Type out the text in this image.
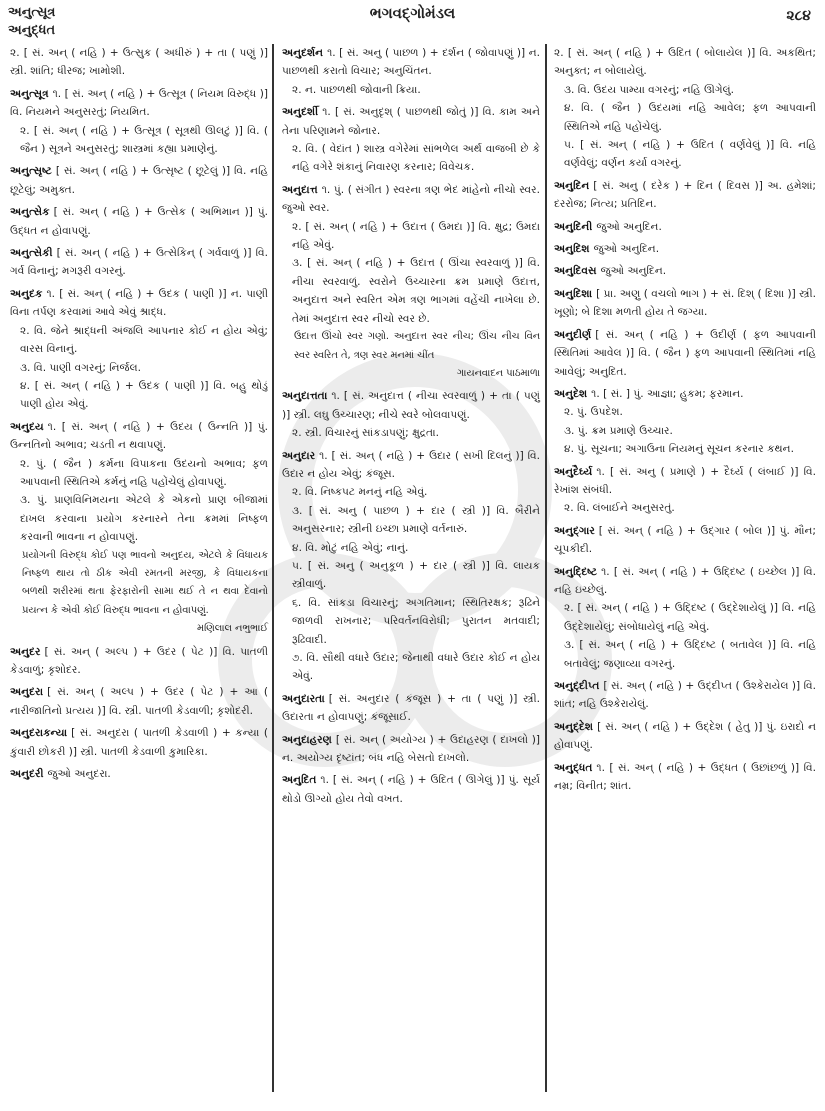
અનુત્સૂત્ર
અનુદ્ધત
ભગવદ્ગોમંડલ	૨૮૪
૨. [ સં. અન્ ( નહિ ) + ઉત્સુક ( અધીરું ) + તા ( પણું )] સ્ત્રી. શાંતિ; ધીરજ; ખામોશી.
અનુત્સૂત્ર ૧. [ સં. અન્ ( નહિ ) + ઉત્સૂત્ર ( નિયમ વિરુદ્ધ )] વિ. નિયમને અનુસરતું; નિયમિત.
૨. [ સં. અન્ ( નહિ ) + ઉત્સૂત્ર ( સૂત્રથી ઊલટું )] વિ. ( જૈન ) સૂત્રને અનુસરતું; શાસ્ત્રમાં કહ્યા પ્રમાણેનું.
અનુત્સૃષ્ટ [ સં. અન્ ( નહિ ) + ઉત્સૃષ્ટ ( છૂટેલું )] વિ. નહિ છૂટેલું; અમુક્ત.
અનુત્સેક [ સં. અન્ ( નહિ ) + ઉત્સેક ( અભિમાન )] પું. ઉદ્ધત ન હોવાપણું.
અનુત્સેકી [ સં. અન્ ( નહિ ) + ઉત્સેકિન્ ( ગર્વવાળું )] વિ. ગર્વ વિનાનું; મગરૂરી વગરનું.
અનુદક ૧. [ સં. અન્ ( નહિ ) + ઉદક ( પાણી )] ન. પાણી વિના તર્પણ કરવામાં આવે એવું શ્રાદ્ધ.
૨. વિ. જેને શ્રાદ્ધની અંજલિ આપનાર કોઈ ન હોય એવું; વારસ વિનાનું.
૩. વિ. પાણી વગરનું; નિર્જલ.
૪. [ સં. અન્ ( નહિ ) + ઉદક ( પાણી )] વિ. બહુ થોડું પાણી હોય એવું.
અનુદય ૧. [ સં. અન્ ( નહિ ) + ઉદય ( ઉન્નતિ )] પું. ઉન્નતિનો અભાવ; ચડતી ન થવાપણું.
૨. પું. ( જૈન ) કર્મના વિપાકના ઉદયનો અભાવ; ફળ આપવાની સ્થિતિએ કર્મનું નહિ પહોંચેલું હોવાપણું.
૩. પું. પ્રાણવિનિમયના એટલે કે એકનો પ્રાણ બીજામાં દાખલ કરવાના પ્રયોગ કરનારને તેના ક્રમમાં નિષ્ફળ કરવાની ભાવના ન હોવાપણું.
પ્રયોગની વિરુદ્ધ કોઈ પણ ભાવનો અનુદય, એટલે કે વિધાયક નિષ્ફળ થાય તો ઠીક એવી રમતની મરજી, કે વિધાયકના બળથી શરીરમાં થતા ફેરફારોની સામા થઈ તે ન થવા દેવાનો પ્રયત્ન કે એવી કોઈ વિરુદ્ધ ભાવના ન હોવાપણું.
મણિલાલ નભુભાઈ
અનુદર [ સં. અન્ ( અલ્પ ) + ઉદર ( પેટ )] વિ. પાતળી કેડવાળું; કૃશોદર.
અનુદરા [ સં. અન્ ( અલ્પ ) + ઉદર ( પેટ ) + આ ( નારીજાતિનો પ્રત્યય )] વિ. સ્ત્રી. પાતળી કેડવાળી; કૃશોદરી.
અનુદરાકન્યા [ સં. અનુદરા ( પાતળી કેડવાળી ) + કન્યા ( કુંવારી છોકરી )] સ્ત્રી. પાતળી કેડવાળી કુમારિકા.
અનુદરી જુઓ અનુદરા.
અનુદર્શન ૧. [ સં. અનુ ( પાછળ ) + દર્શન ( જોવાપણું )] ન. પાછળથી કરાતો વિચાર; અનુચિંતન.
૨. ન. પાછળથી જોવાની ક્રિયા.
અનુદર્શી ૧. [ સં. અનુદૃશ્ ( પાછળથી જોતું )] વિ. કામ અને તેના પરિણામને જોનાર.
૨. વિ. ( વેદાંત ) શાસ્ત્ર વગેરેમાં સાંભળેલ અર્થ વાજબી છે કે નહિ વગેરે શંકાનું નિવારણ કરનાર; વિવેચક.
અનુદાત્ત ૧. પું. ( સંગીત ) સ્વરના ત્રણ ભેદ માંહેનો નીચો સ્વર. જુઓ સ્વર.
૨. [ સં. અન્ ( નહિ ) + ઉદાત્ત ( ઉમદા )] વિ. ક્ષુદ્ર; ઉમદા નહિ એવું.
૩. [ સં. અન્ ( નહિ ) + ઉદાત્ત ( ઊંચા સ્વરવાળું )] વિ. નીચા સ્વરવાળું. સ્વરોને ઉચ્ચારના ક્રમ પ્રમાણે ઉદાત્ત, અનુદાત્ત અને સ્વરિત એમ ત્રણ ભાગમાં વહેંચી નાખેલા છે. તેમાં અનુદાત્ત સ્વર નીચો સ્વર છે.
ઉદાત્ત ઊંચો સ્વર ગણો. અનુદાત્ત સ્વર નીચ; ઊંચ નીચ વિન સ્વર સ્વરિત તે, ત્રણ સ્વર મનમાં ચીંત
ગાયનવાદન પાઠમાળા
અનુદાત્તતા ૧. [ સં. અનુદાત્ત ( નીચા સ્વરવાળું ) + તા ( પણું )] સ્ત્રી. લઘુ ઉચ્ચારણ; નીચે સ્વરે બોલવાપણું.
૨. સ્ત્રી. વિચારનું સાંકડાપણું; ક્ષુદ્રતા.
અનુદાર ૧. [ સં. અન્ ( નહિ ) + ઉદાર ( સખી દિલનું )] વિ. ઉદાર ન હોય એવું; કંજૂસ.
૨. વિ. નિષ્કપટ મનનું નહિ એવું.
૩. [ સં. અનુ ( પાછળ ) + દાર ( સ્ત્રી )] વિ. બૈરીને અનુસરનાર; સ્ત્રીની ઇચ્છા પ્રમાણે વર્તનારું.
૪. વિ. મોટું નહિ એવું; નાનું.
૫. [ સં. અનુ ( અનુકૂળ ) + દાર ( સ્ત્રી )] વિ. લાયક સ્ત્રીવાળું.
૬. વિ. સાંકડા વિચારનું; અગતિમાન; સ્થિતિરક્ષક; રૂઢિને જાળવી રાખનાર; પરિવર્તનવિરોધી; પુરાતન મતવાદી; રૂઢિવાદી.
૭. વિ. સૌથી વધારે ઉદાર; જેનાથી વધારે ઉદાર કોઈ ન હોય એવું.
અનુદારતા [ સં. અનુદાર ( કંજૂસ ) + તા ( પણું )] સ્ત્રી. ઉદારતા ન હોવાપણું; કંજૂસાઈ.
અનુદાહરણ [ સં. અન્ ( અયોગ્ય ) + ઉદાહરણ ( દાખલો )] ન. અયોગ્ય દૃષ્ટાંત; બંધ નહિ બેસતો દાખલો.
અનુદિત ૧. [ સં. અન્ ( નહિ ) + ઉદિત ( ઊગેલું )] પું. સૂર્ય થોડો ઊગ્યો હોય તેવો વખત.
૨. [ સં. અન્ ( નહિ ) + ઉદિત ( બોલાયેલ )] વિ. અકથિત; અનુક્ત; ન બોલાયેલું.
૩. વિ. ઉદય પામ્યા વગરનું; નહિ ઊગેલું.
૪. વિ. ( જૈન ) ઉદયમાં નહિ આવેલ; ફળ આપવાની સ્થિતિએ નહિ પહોંચેલું.
૫. [ સં. અન્ ( નહિ ) + ઉદિત ( વર્ણવેલું )] વિ. નહિ વર્ણવેલું; વર્ણન કર્યા વગરનું.
અનુદિન [ સં. અનુ ( દરેક ) + દિન ( દિવસ )] અ. હમેશાં; દરરોજ; નિત્ય; પ્રતિદિન.
અનુદિની જુઓ અનુદિન.
અનુદિશ જુઓ અનુદિન.
અનુદિવસ જુઓ અનુદિન.
અનુદિશા [ પ્રા. અણુ ( વચલો ભાગ ) + સં. દિશ્ ( દિશા )] સ્ત્રી. ખૂણો; બે દિશા મળતી હોય તે જગ્યા.
અનુદીર્ણ [ સં. અન્ ( નહિ ) + ઉદીર્ણ ( ફળ આપવાની સ્થિતિમાં આવેલ )] વિ. ( જૈન ) ફળ આપવાની સ્થિતિમાં નહિ આવેલું; અનુદિત.
અનુદેશ ૧. [ સં. ] પું. આજ્ઞા; હુકમ; ફરમાન.
૨. પું. ઉપદેશ.
૩. પું. ક્રમ પ્રમાણે ઉચ્ચાર.
૪. પું. સૂચના; અગાઉના નિયમનું સૂચન કરનાર કથન.
અનુદૈર્ઘ્ય ૧. [ સં. અનુ ( પ્રમાણે ) + દૈર્ઘ્ય ( લંબાઈ )] વિ. રેખાંશ સંબંધી.
૨. વિ. લંબાઈને અનુસરતું.
અનુદ્ગાર [ સં. અન્ ( નહિ ) + ઉદ્ગાર ( બોલ )] પું. મૌન; ચૂપકીદી.
અનુદ્દિષ્ટ ૧. [ સં. અન્ ( નહિ ) + ઉદ્દિષ્ટ ( ઇચ્છેલ )] વિ. નહિ ઇચ્છેલું.
૨. [ સં. અન્ ( નહિ ) + ઉદ્દિષ્ટ ( ઉદ્દેશાયેલું )] વિ. નહિ ઉદ્દેશાયેલું; સંબોધાયેલું નહિ એવું.
૩. [ સં. અન્ ( નહિ ) + ઉદ્દિષ્ટ ( બતાવેલ )] વિ. નહિ બતાવેલું; જણાવ્યા વગરનું.
અનુદ્દીપ્ત [ સં. અન્ ( નહિ ) + ઉદ્દીપ્ત ( ઉશ્કેરાયેલ )] વિ. શાંત; નહિ ઉશ્કેરાયેલું.
અનુદ્દેશ [ સં. અન્ ( નહિ ) + ઉદ્દેશ ( હેતુ )] પું. ઇરાદો ન હોવાપણું.
અનુદ્ધત ૧. [ સં. અન્ ( નહિ ) + ઉદ્ધત ( ઉછાંછળું )] વિ. નમ્ર; વિનીત; શાંત.
